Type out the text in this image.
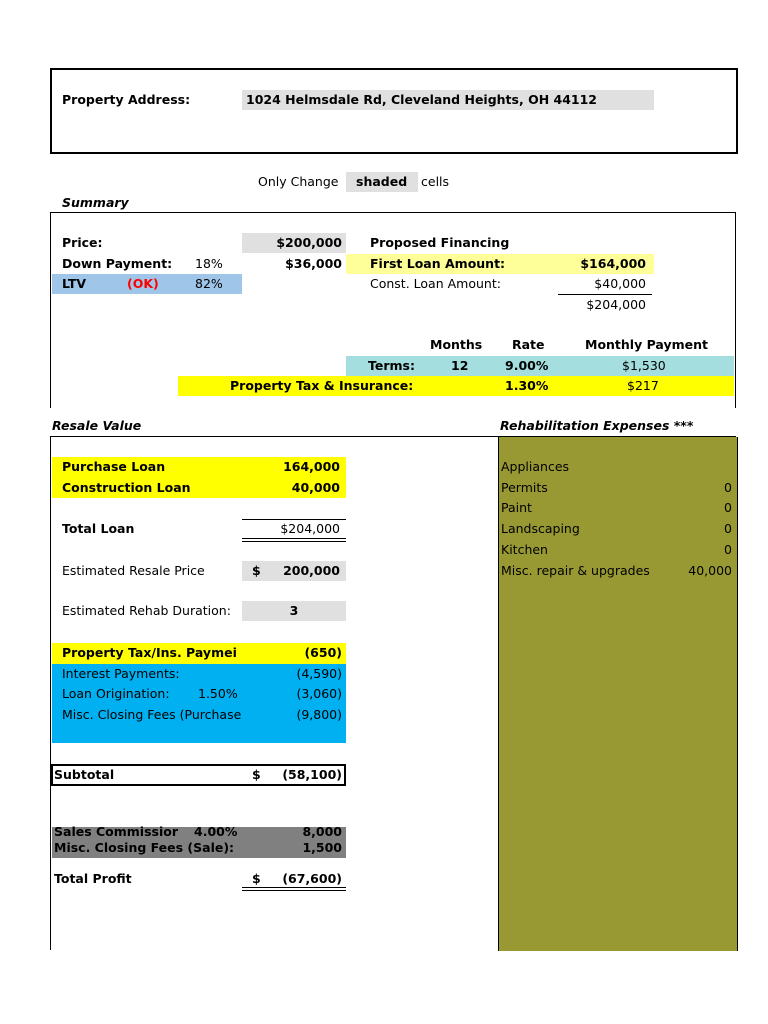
Property Address:	1024 Helmsdale Rd, Cleveland Heights, OH 44112
Only Change shaded cells
Summary
Price:	$200,000
Down Payment: 18%	$36,000
LTV	(OK)	82%
Proposed Financing
First Loan Amount:	$164,000
Const. Loan Amount:	$40,000
$204,000
Months Rate	Monthly Payment
Terms:	12	9.00%	$1,530
Property Tax & Insurance:	1.30%	$217
Resale Value	Rehabilitation Expenses ***
Appliances
Permits	0
Paint	0
Landscaping	0
Kitchen	0
Misc. repair & upgrades	40,000
Purchase Loan	164,000
Construction Loan	40,000
Total Loan	$204,000
Estimated Resale Price	$	200,000
Estimated Rehab Duration:	3
Property Tax/Ins. Paymei	(650)
Interest Payments:	(4,590)
Loan Origination: 1.50%	(3,060)
Misc. Closing Fees (Purchase	(9,800)
Subtotal	$	(58,100)
Sales Commissior 4.00%	8,000
Misc. Closing Fees (Sale):	1,500
Total Profit	$	(67,600)
